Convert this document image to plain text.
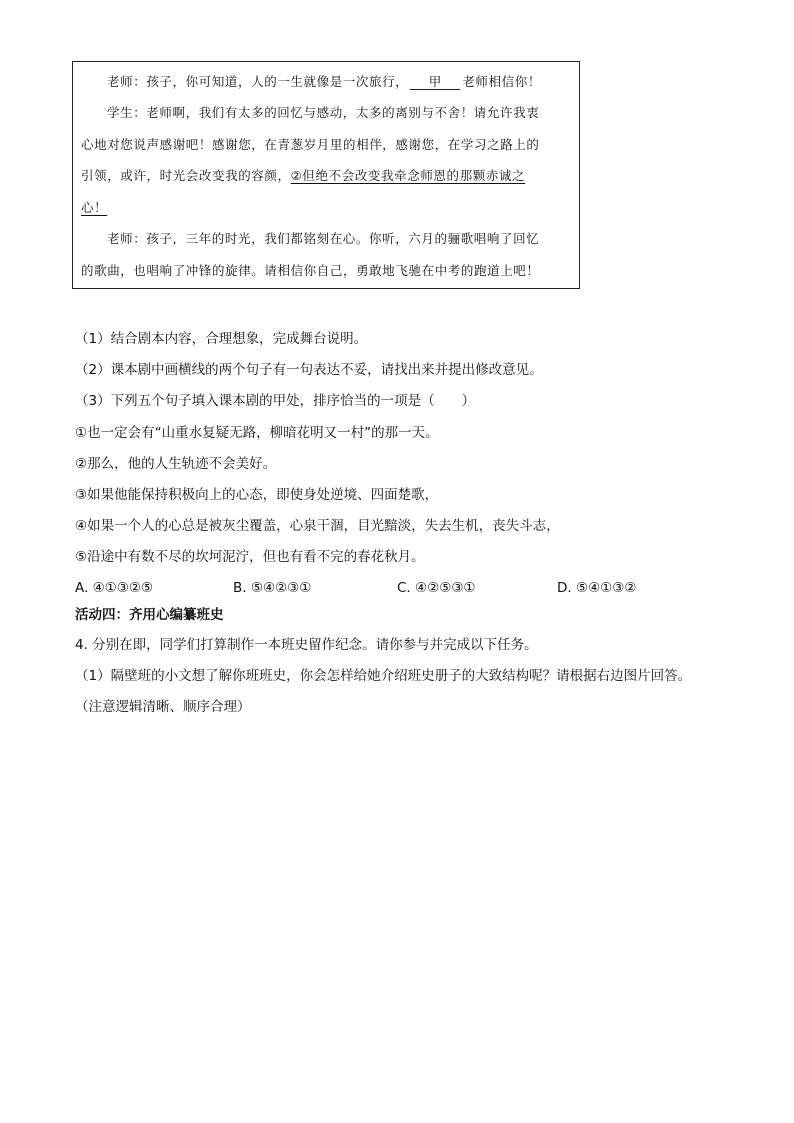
老师：孩子，你可知道，人的一生就像是一次旅行， 甲 老师相信你！
学生：老师啊，我们有太多的回忆与感动，太多的离别与不舍！请允许我衷
心地对您说声感谢吧！感谢您，在青葱岁月里的相伴，感谢您，在学习之路上的
引领，或许，时光会改变我的容颜，②但绝不会改变我牵念师恩的那颗赤诚之
心！
老师：孩子，三年的时光，我们都铭刻在心。你听，六月的骊歌唱响了回忆
的歌曲，也唱响了冲锋的旋律。请相信你自己，勇敢地飞驰在中考的跑道上吧！
（1）结合剧本内容，合理想象，完成舞台说明。
（2）课本剧中画横线的两个句子有一句表达不妥，请找出来并提出修改意见。
（3）下列五个句子填入课本剧的甲处，排序恰当的一项是（　　）
①也一定会有“山重水复疑无路，柳暗花明又一村”的那一天。
②那么，他的人生轨迹不会美好。
③如果他能保持积极向上的心态，即使身处逆境、四面楚歌，
④如果一个人的心总是被灰尘覆盖，心泉干涸，目光黯淡，失去生机，丧失斗志，
⑤沿途中有数不尽的坎坷泥泞，但也有看不完的春花秋月。
A. ④①③②⑤	B. ⑤④②③①	C. ④②⑤③①	D. ⑤④①③②
活动四：齐用心编纂班史
4. 分别在即，同学们打算制作一本班史留作纪念。请你参与并完成以下任务。
（1）隔壁班的小文想了解你班班史，你会怎样给她介绍班史册子的大致结构呢？请根据右边图片回答。
（注意逻辑清晰、顺序合理）
